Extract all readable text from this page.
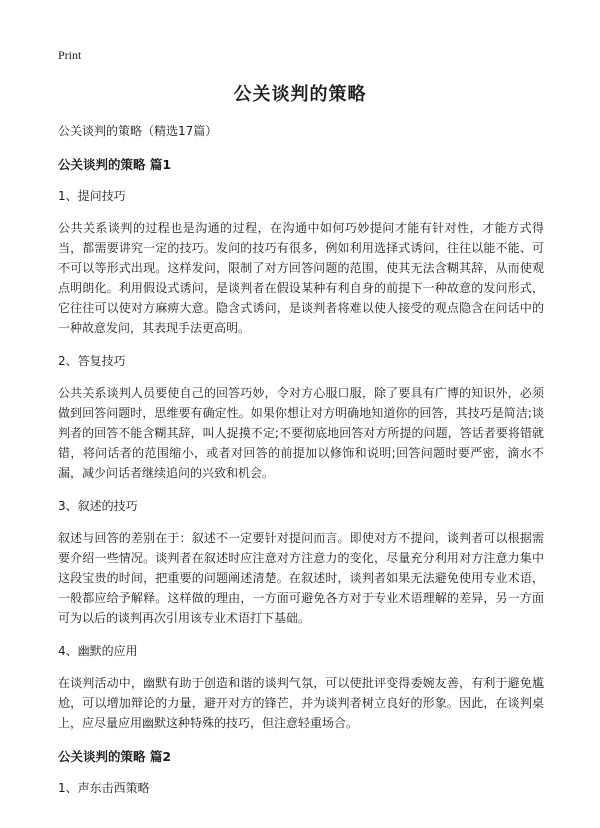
Print
公关谈判的策略

公关谈判的策略（精选17篇）

公关谈判的策略 篇1

1、提问技巧

公共关系谈判的过程也是沟通的过程，在沟通中如何巧妙提问才能有针对性，才能方式得当，都需要讲究一定的技巧。发问的技巧有很多，例如利用选择式诱问，往往以能不能、可不可以等形式出现。这样发问，限制了对方回答问题的范围，使其无法含糊其辞，从而使观点明朗化。利用假设式诱问，是谈判者在假设某种有利自身的前提下一种故意的发问形式，它往往可以使对方麻痹大意。隐含式诱问，是谈判者将难以使人接受的观点隐含在问话中的一种故意发问，其表现手法更高明。

2、答复技巧

公共关系谈判人员要使自己的回答巧妙，令对方心服口服，除了要具有广博的知识外，必须做到回答问题时，思维要有确定性。如果你想让对方明确地知道你的回答，其技巧是简洁;谈判者的回答不能含糊其辞，叫人捉摸不定;不要彻底地回答对方所提的问题，答话者要将错就错，将问话者的范围缩小，或者对回答的前提加以修饰和说明;回答问题时要严密，滴水不漏，减少问话者继续追问的兴致和机会。

3、叙述的技巧

叙述与回答的差别在于：叙述不一定要针对提问而言。即使对方不提问，谈判者可以根据需要介绍一些情况。谈判者在叙述时应注意对方注意力的变化，尽量充分利用对方注意力集中这段宝贵的时间，把重要的问题阐述清楚。在叙述时，谈判者如果无法避免使用专业术语，一般都应给予解释。这样做的理由，一方面可避免各方对于专业术语理解的差异，另一方面可为以后的谈判再次引用该专业术语打下基础。

4、幽默的应用

在谈判活动中，幽默有助于创造和谐的谈判气氛，可以使批评变得委婉友善，有利于避免尴尬，可以增加辩论的力量，避开对方的锋芒，并为谈判者树立良好的形象。因此，在谈判桌上，应尽量应用幽默这种特殊的技巧，但注意轻重场合。

公关谈判的策略 篇2

1、声东击西策略
